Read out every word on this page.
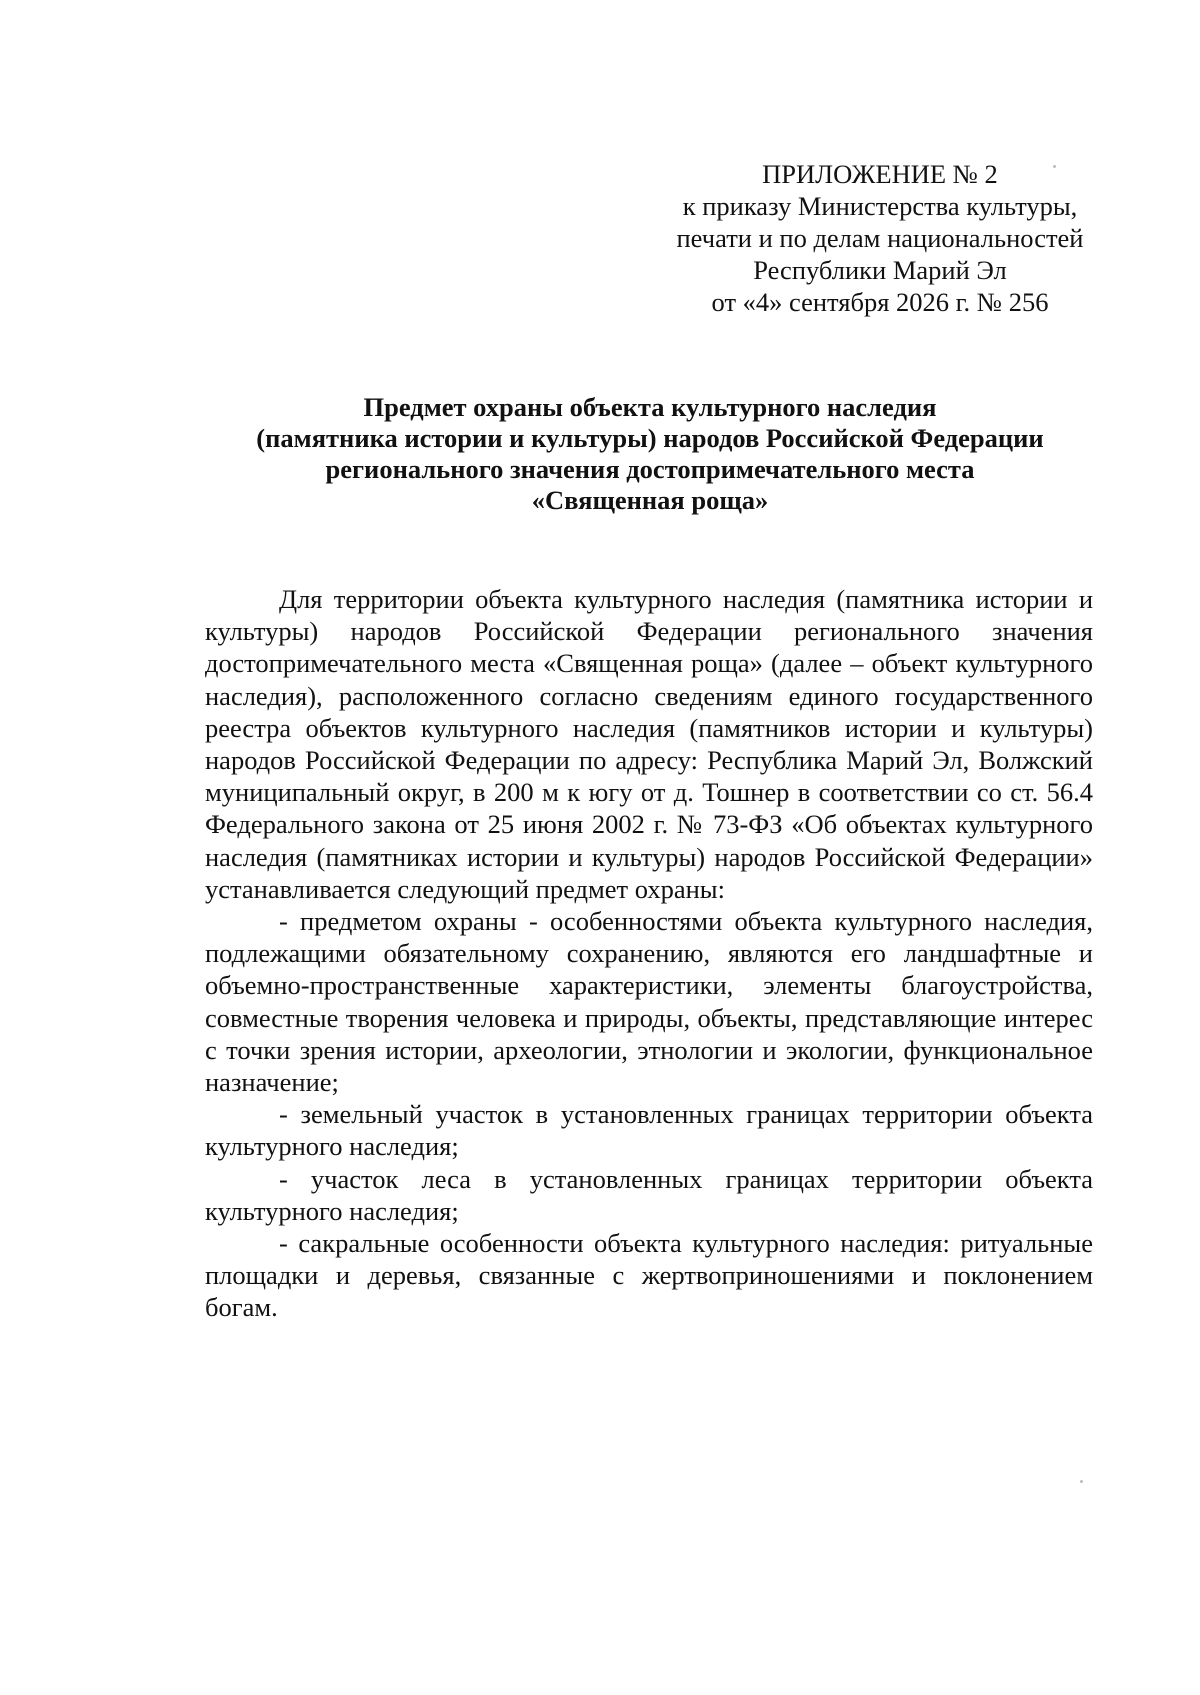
ПРИЛОЖЕНИЕ № 2
к приказу Министерства культуры,
печати и по делам национальностей
Республики Марий Эл
от «4» сентября 2026 г. № 256
Предмет охраны объекта культурного наследия
(памятника истории и культуры) народов Российской Федерации
регионального значения достопримечательного места
«Священная роща»

Для территории объекта культурного наследия (памятника истории и культуры) народов Российской Федерации регионального значения достопримечательного места «Священная роща» (далее – объект культурного наследия), расположенного согласно сведениям единого государственного реестра объектов культурного наследия (памятников истории и культуры) народов Российской Федерации по адресу: Республика Марий Эл, Волжский муниципальный округ, в 200 м к югу от д. Тошнер в соответствии со ст. 56.4 Федерального закона от 25 июня 2002 г. № 73-ФЗ «Об объектах культурного наследия (памятниках истории и культуры) народов Российской Федерации» устанавливается следующий предмет охраны:

- предметом охраны - особенностями объекта культурного наследия, подлежащими обязательному сохранению, являются его ландшафтные и объемно-пространственные характеристики, элементы благоустройства, совместные творения человека и природы, объекты, представляющие интерес с точки зрения истории, археологии, этнологии и экологии, функциональное назначение;

- земельный участок в установленных границах территории объекта культурного наследия;

- участок леса в установленных границах территории объекта культурного наследия;

- сакральные особенности объекта культурного наследия: ритуальные площадки и деревья, связанные с жертвоприношениями и поклонением богам.
